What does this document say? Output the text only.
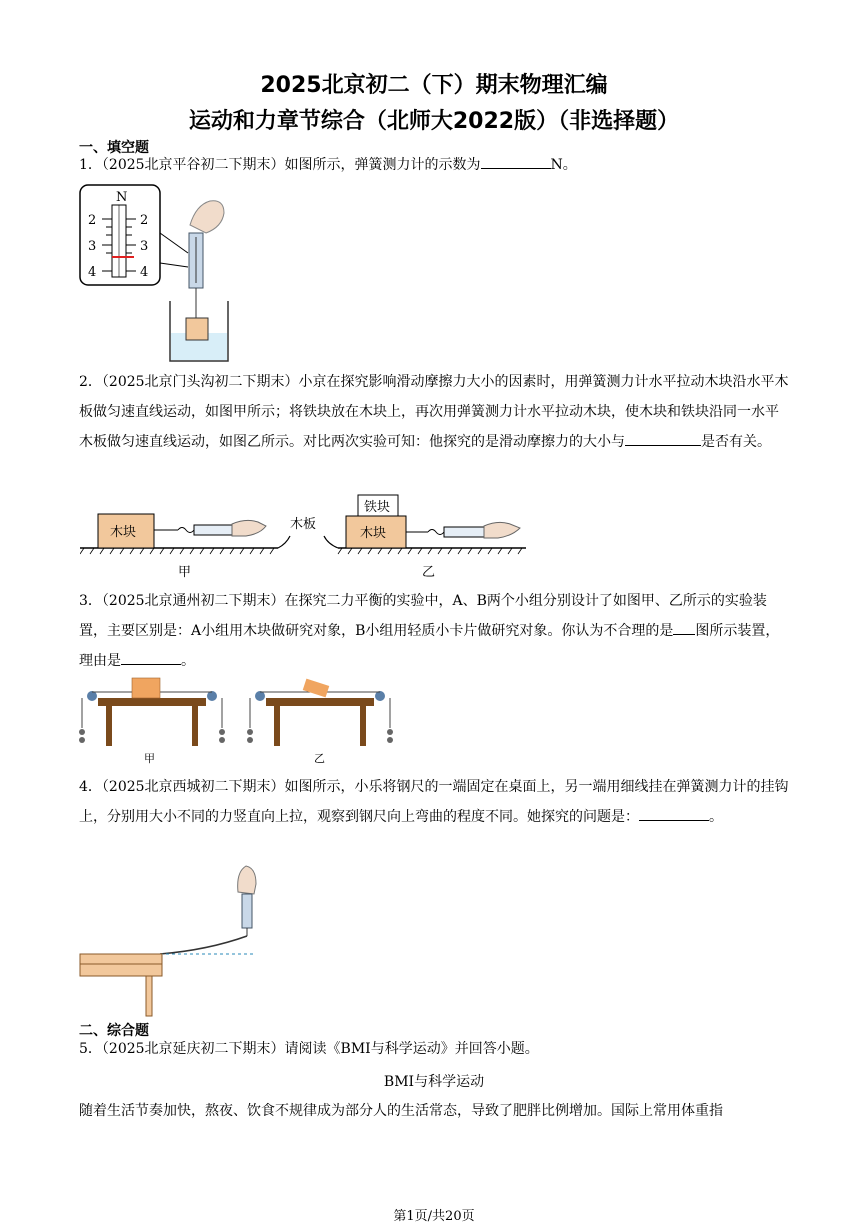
2025北京初二（下）期末物理汇编
运动和力章节综合（北师大2022版）（非选择题）
一、填空题
1．（2025北京平谷初二下期末）如图所示，弹簧测力计的示数为	N。
N
2
3
4
2
3
4
2．（2025北京门头沟初二下期末）小京在探究影响滑动摩擦力大小的因素时，用弹簧测力计水平拉动木块沿水平木板做匀速直线运动，如图甲所示；将铁块放在木块上，再次用弹簧测力计水平拉动木块，使木块和铁块沿同一水平木板做匀速直线运动，如图乙所示。对比两次实验可知：他探究的是滑动摩擦力的大小与	是否有关。
木块
甲
木板
铁块
木块
乙
3．（2025北京通州初二下期末）在探究二力平衡的实验中，A、B两个小组分别设计了如图甲、乙所示的实验装置，主要区别是：A小组用木块做研究对象，B小组用轻质小卡片做研究对象。你认为不合理的是 图所示装置，理由是	。
甲	乙
4．（2025北京西城初二下期末）如图所示，小乐将钢尺的一端固定在桌面上，另一端用细线挂在弹簧测力计的挂钩上，分别用大小不同的力竖直向上拉，观察到钢尺向上弯曲的程度不同。她探究的问题是：	。
二、综合题
5．（2025北京延庆初二下期末）请阅读《BMI与科学运动》并回答小题。
BMI与科学运动
随着生活节奏加快，熬夜、饮食不规律成为部分人的生活常态，导致了肥胖比例增加。国际上常用体重指
第1页/共20页
